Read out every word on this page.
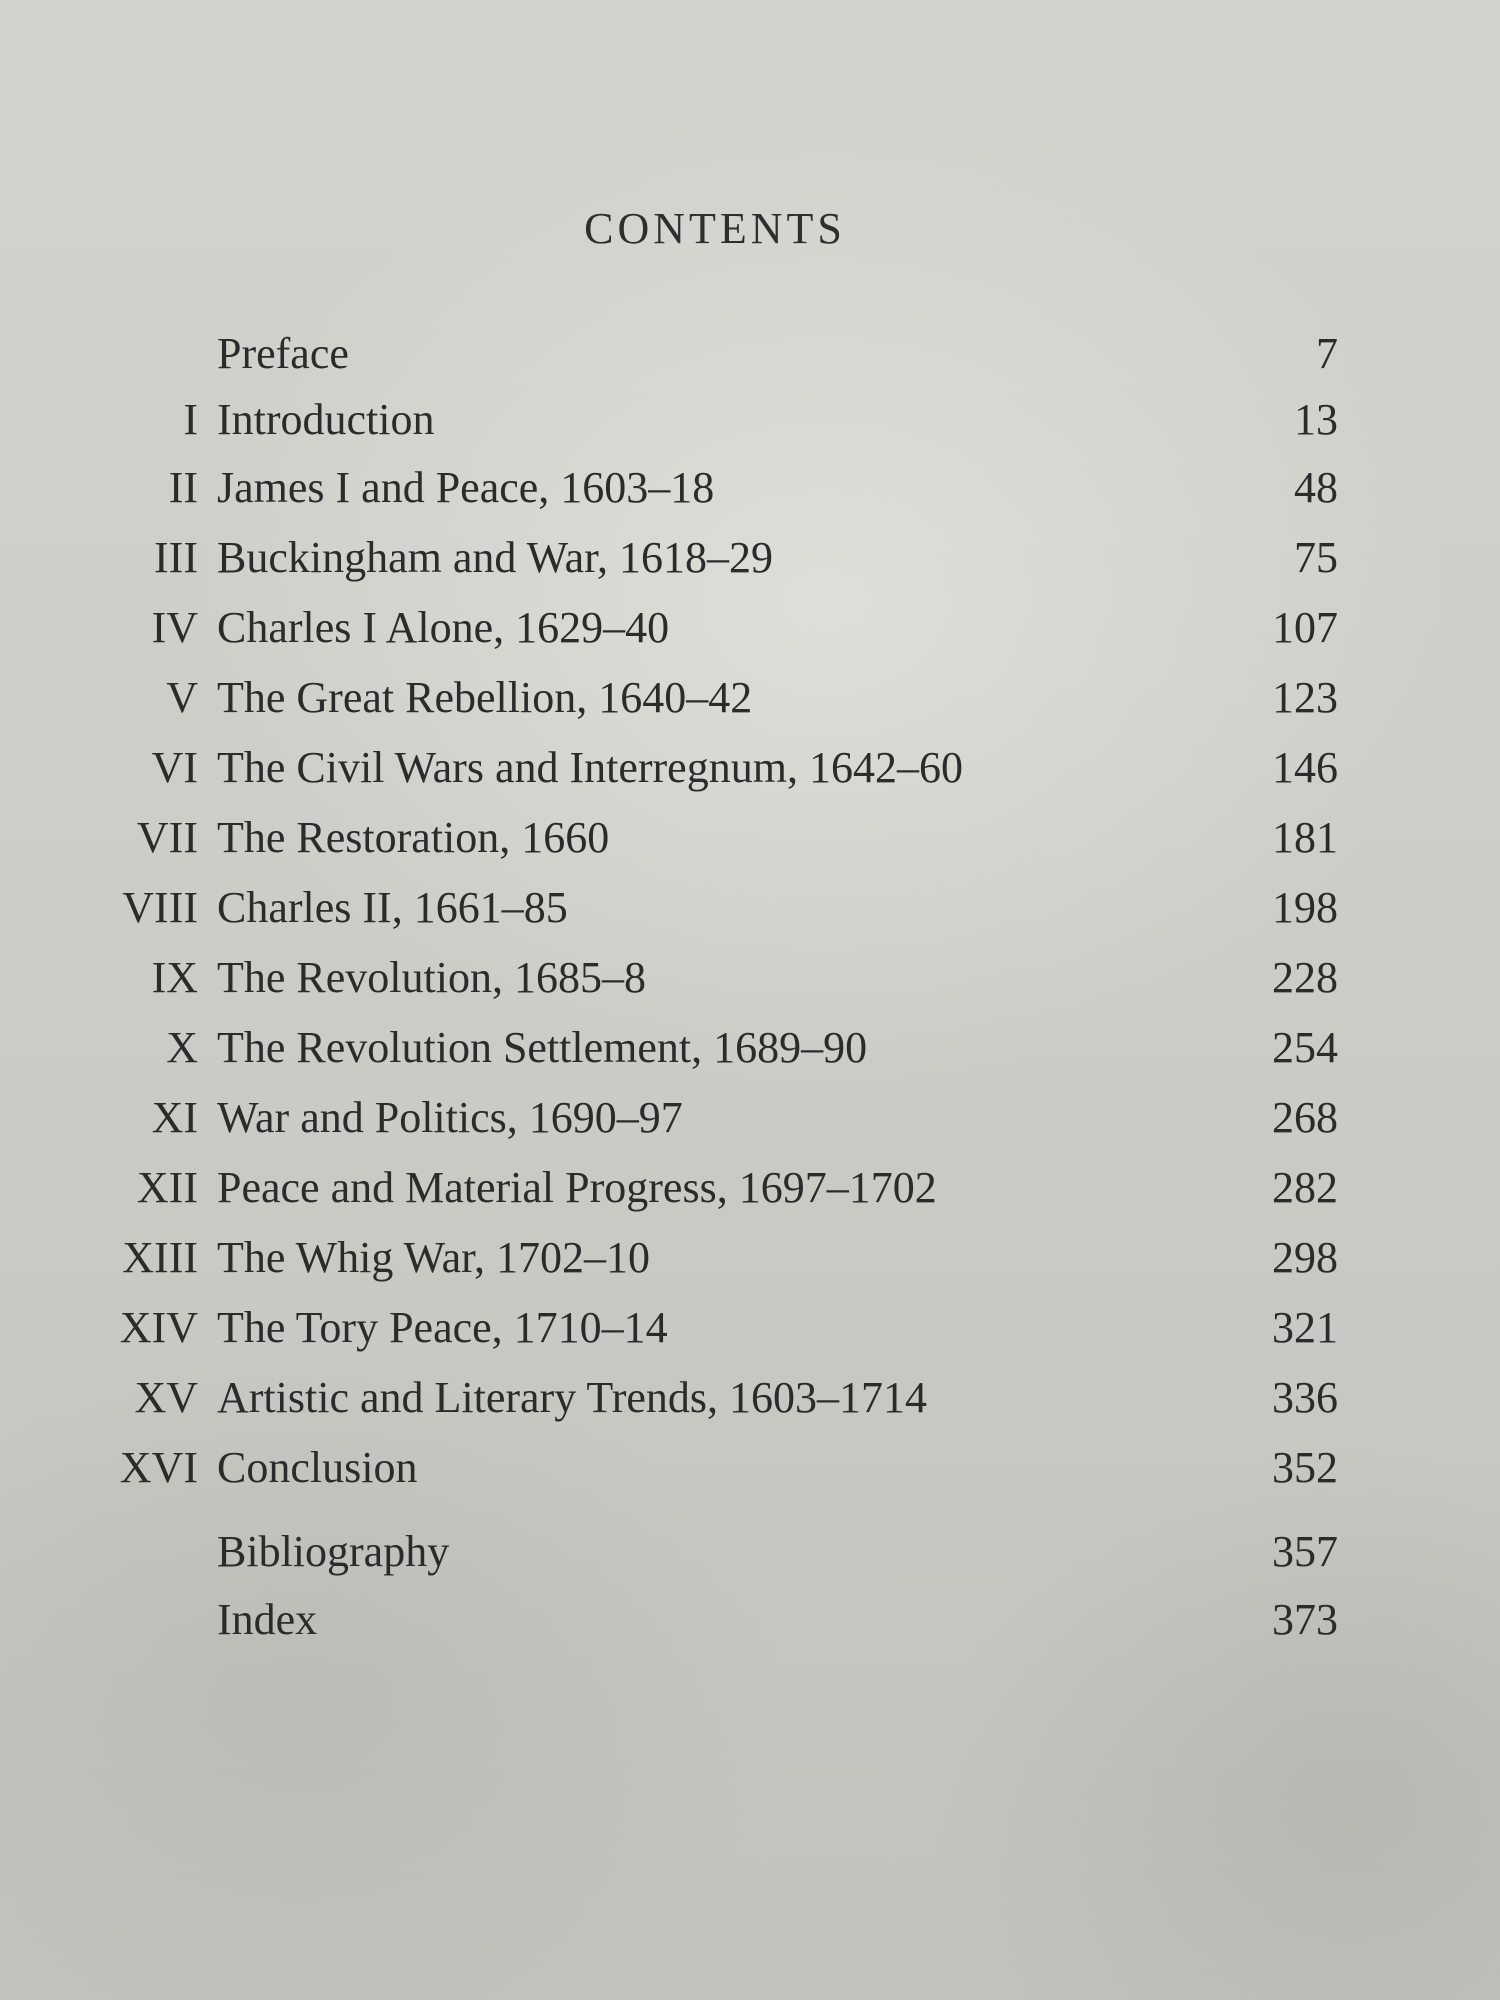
CONTENTS
Preface	7
I Introduction	13
II James I and Peace, 1603–18	48
III Buckingham and War, 1618–29	75
IV Charles I Alone, 1629–40	107
V The Great Rebellion, 1640–42	123
VI The Civil Wars and Interregnum, 1642–60	146
VII The Restoration, 1660	181
VIII Charles II, 1661–85	198
IX The Revolution, 1685–8	228
X The Revolution Settlement, 1689–90	254
XI War and Politics, 1690–97	268
XII Peace and Material Progress, 1697–1702	282
XIII The Whig War, 1702–10	298
XIV The Tory Peace, 1710–14	321
XV Artistic and Literary Trends, 1603–1714	336
XVI Conclusion	352
Bibliography	357
Index	373
